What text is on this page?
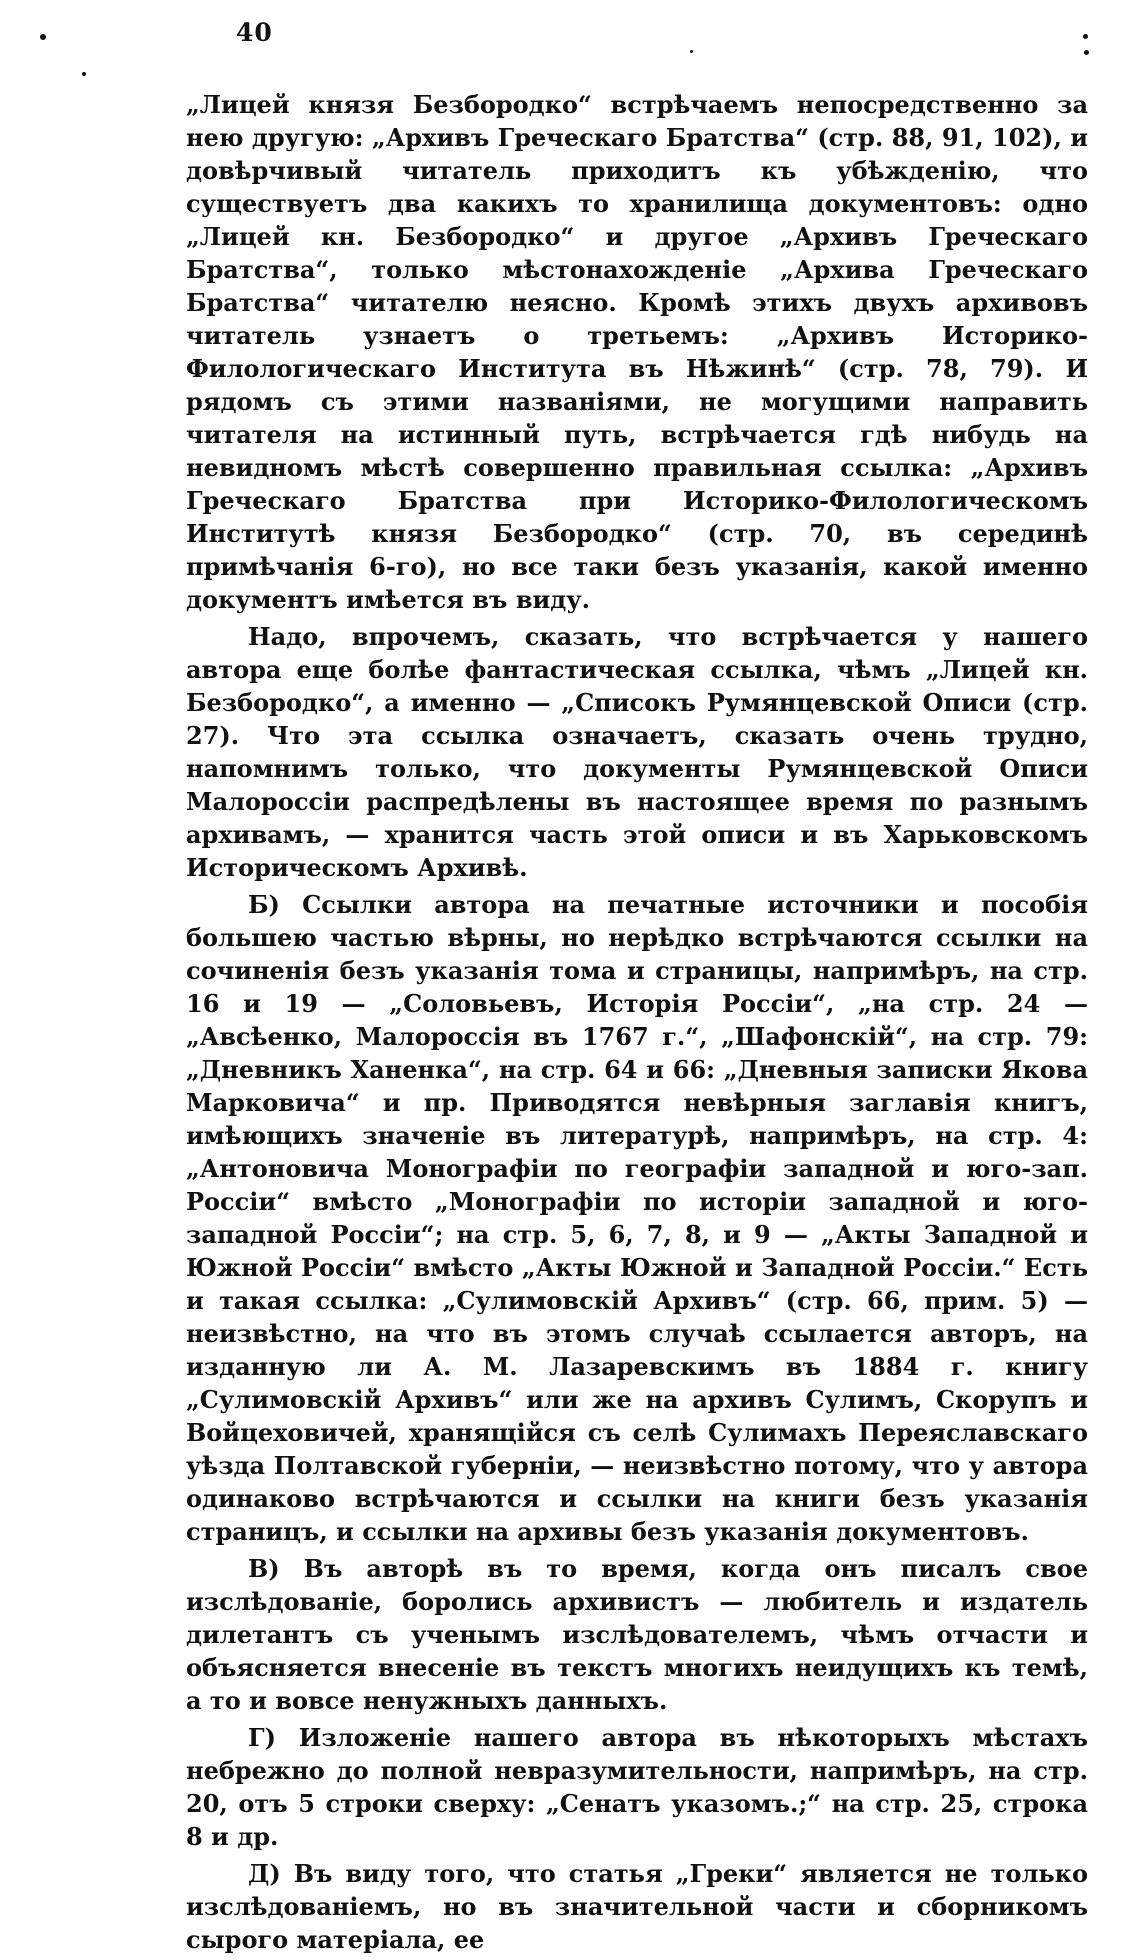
40

„Лицей князя Безбородко“ встрѣчаемъ непосредственно за нею другую: „Архивъ Греческаго Братства“ (стр. 88, 91, 102), и довѣрчивый читатель приходитъ къ убѣжденію, что существуетъ два какихъ то хранилища документовъ: одно „Лицей кн. Безбородко“ и другое „Архивъ Греческаго Братства“, только мѣстонахожденіе „Архива Греческаго Братства“ читателю неясно. Кромѣ этихъ двухъ архивовъ читатель узнаетъ о третьемъ: „Архивъ Историко-Филологическаго Института въ Нѣжинѣ“ (стр. 78, 79). И рядомъ съ этими названіями, не могущими направить читателя на истинный путь, встрѣчается гдѣ нибудь на невидномъ мѣстѣ совершенно правильная ссылка: „Архивъ Греческаго Братства при Историко-Филологическомъ Институтѣ князя Безбородко“ (стр. 70, въ серединѣ примѣчанія 6-го), но все таки безъ указанія, какой именно документъ имѣется въ виду.

Надо, впрочемъ, сказать, что встрѣчается у нашего автора еще болѣе фантастическая ссылка, чѣмъ „Лицей кн. Безбородко“, а именно — „Списокъ Румянцевской Описи (стр. 27). Что эта ссылка означаетъ, сказать очень трудно, напомнимъ только, что документы Румянцевской Описи Малороссіи распредѣлены въ настоящее время по разнымъ архивамъ, — хранится часть этой описи и въ Харьковскомъ Историческомъ Архивѣ.

Б) Ссылки автора на печатные источники и пособія большею частью вѣрны, но нерѣдко встрѣчаются ссылки на сочиненія безъ указанія тома и страницы, напримѣръ, на стр. 16 и 19 — „Соловьевъ, Исторія Россіи“, „на стр. 24 — „Авсѣенко, Малороссія въ 1767 г.“, „Шафонскій“, на стр. 79: „Дневникъ Ханенка“, на стр. 64 и 66: „Дневныя записки Якова Марковича“ и пр. Приводятся невѣрныя заглавія книгъ, имѣющихъ значеніе въ литературѣ, напримѣръ, на стр. 4: „Антоновича Монографіи по географіи западной и юго-зап. Россіи“ вмѣсто „Монографіи по исторіи западной и юго-западной Россіи“; на стр. 5, 6, 7, 8, и 9 — „Акты Западной и Южной Россіи“ вмѣсто „Акты Южной и Западной Россіи.“ Есть и такая ссылка: „Сулимовскій Архивъ“ (стр. 66, прим. 5) — неизвѣстно, на что въ этомъ случаѣ ссылается авторъ, на изданную ли А. М. Лазаревскимъ въ 1884 г. книгу „Сулимовскій Архивъ“ или же на архивъ Сулимъ, Скорупъ и Войцеховичей, хранящійся съ селѣ Сулимахъ Переяславскаго уѣзда Полтавской губерніи, — неизвѣстно потому, что у автора одинаково встрѣчаются и ссылки на книги безъ указанія страницъ, и ссылки на архивы безъ указанія документовъ.

В) Въ авторѣ въ то время, когда онъ писалъ свое изслѣдованіе, боролись архивистъ — любитель и издатель дилетантъ съ ученымъ изслѣдователемъ, чѣмъ отчасти и объясняется внесеніе въ текстъ многихъ неидущихъ къ темѣ, а то и вовсе ненужныхъ данныхъ.

Г) Изложеніе нашего автора въ нѣкоторыхъ мѣстахъ небрежно до полной невразумительности, напримѣръ, на стр. 20, отъ 5 строки сверху: „Сенатъ указомъ.;“ на стр. 25, строка 8 и др.

Д) Въ виду того, что статья „Греки“ является не только изслѣдованіемъ, но въ значительной части и сборникомъ сырого матеріала, ее
